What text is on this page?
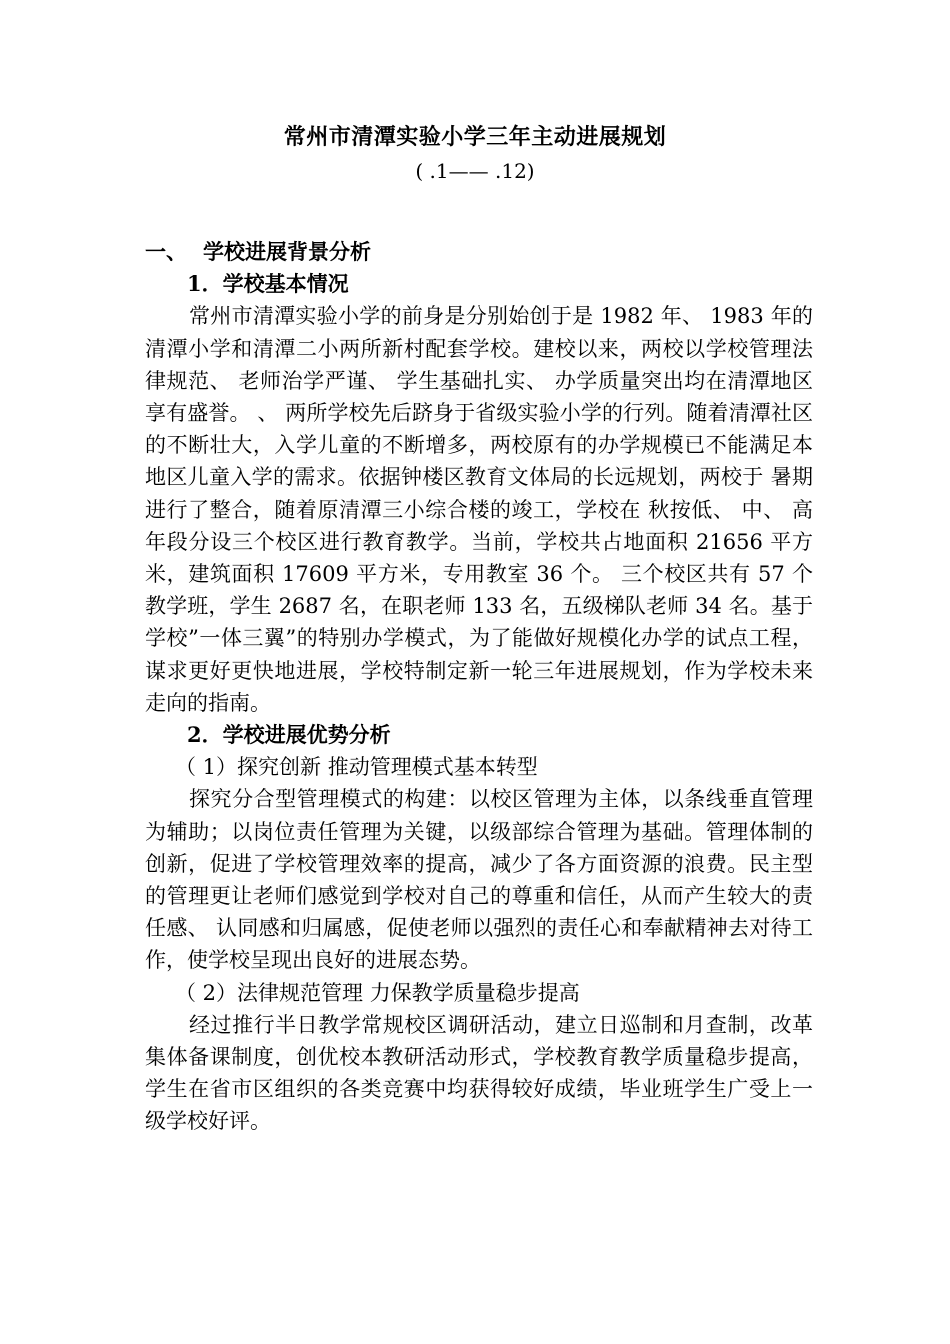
常州市清潭实验小学三年主动进展规划
( .1—— .12)
一、 学校进展背景分析
1．学校基本情况

常州市清潭实验小学的前身是分别始创于是 1982 年、 1983 年的清潭小学和清潭二小两所新村配套学校。建校以来，两校以学校管理法律规范、 老师治学严谨、 学生基础扎实、 办学质量突出均在清潭地区享有盛誉。 、 两所学校先后跻身于省级实验小学的行列。随着清潭社区的不断壮大，入学儿童的不断增多，两校原有的办学规模已不能满足本地区儿童入学的需求。依据钟楼区教育文体局的长远规划，两校于 暑期进行了整合，随着原清潭三小综合楼的竣工，学校在 秋按低、 中、 高年段分设三个校区进行教育教学。当前，学校共占地面积 21656 平方米，建筑面积 17609 平方米，专用教室 36 个。 三个校区共有 57 个教学班，学生 2687 名，在职老师 133 名，五级梯队老师 34 名。基于学校”一体三翼”的特别办学模式，为了能做好规模化办学的试点工程，谋求更好更快地进展，学校特制定新一轮三年进展规划，作为学校未来走向的指南。

2．学校进展优势分析
（ 1）探究创新 推动管理模式基本转型

探究分合型管理模式的构建：以校区管理为主体，以条线垂直管理为辅助；以岗位责任管理为关键，以级部综合管理为基础。管理体制的创新，促进了学校管理效率的提高，减少了各方面资源的浪费。民主型的管理更让老师们感觉到学校对自己的尊重和信任，从而产生较大的责任感、 认同感和归属感，促使老师以强烈的责任心和奉献精神去对待工作，使学校呈现出良好的进展态势。

（ 2）法律规范管理 力保教学质量稳步提高

经过推行半日教学常规校区调研活动，建立日巡制和月查制，改革集体备课制度，创优校本教研活动形式，学校教育教学质量稳步提高，学生在省市区组织的各类竞赛中均获得较好成绩，毕业班学生广受上一级学校好评。
